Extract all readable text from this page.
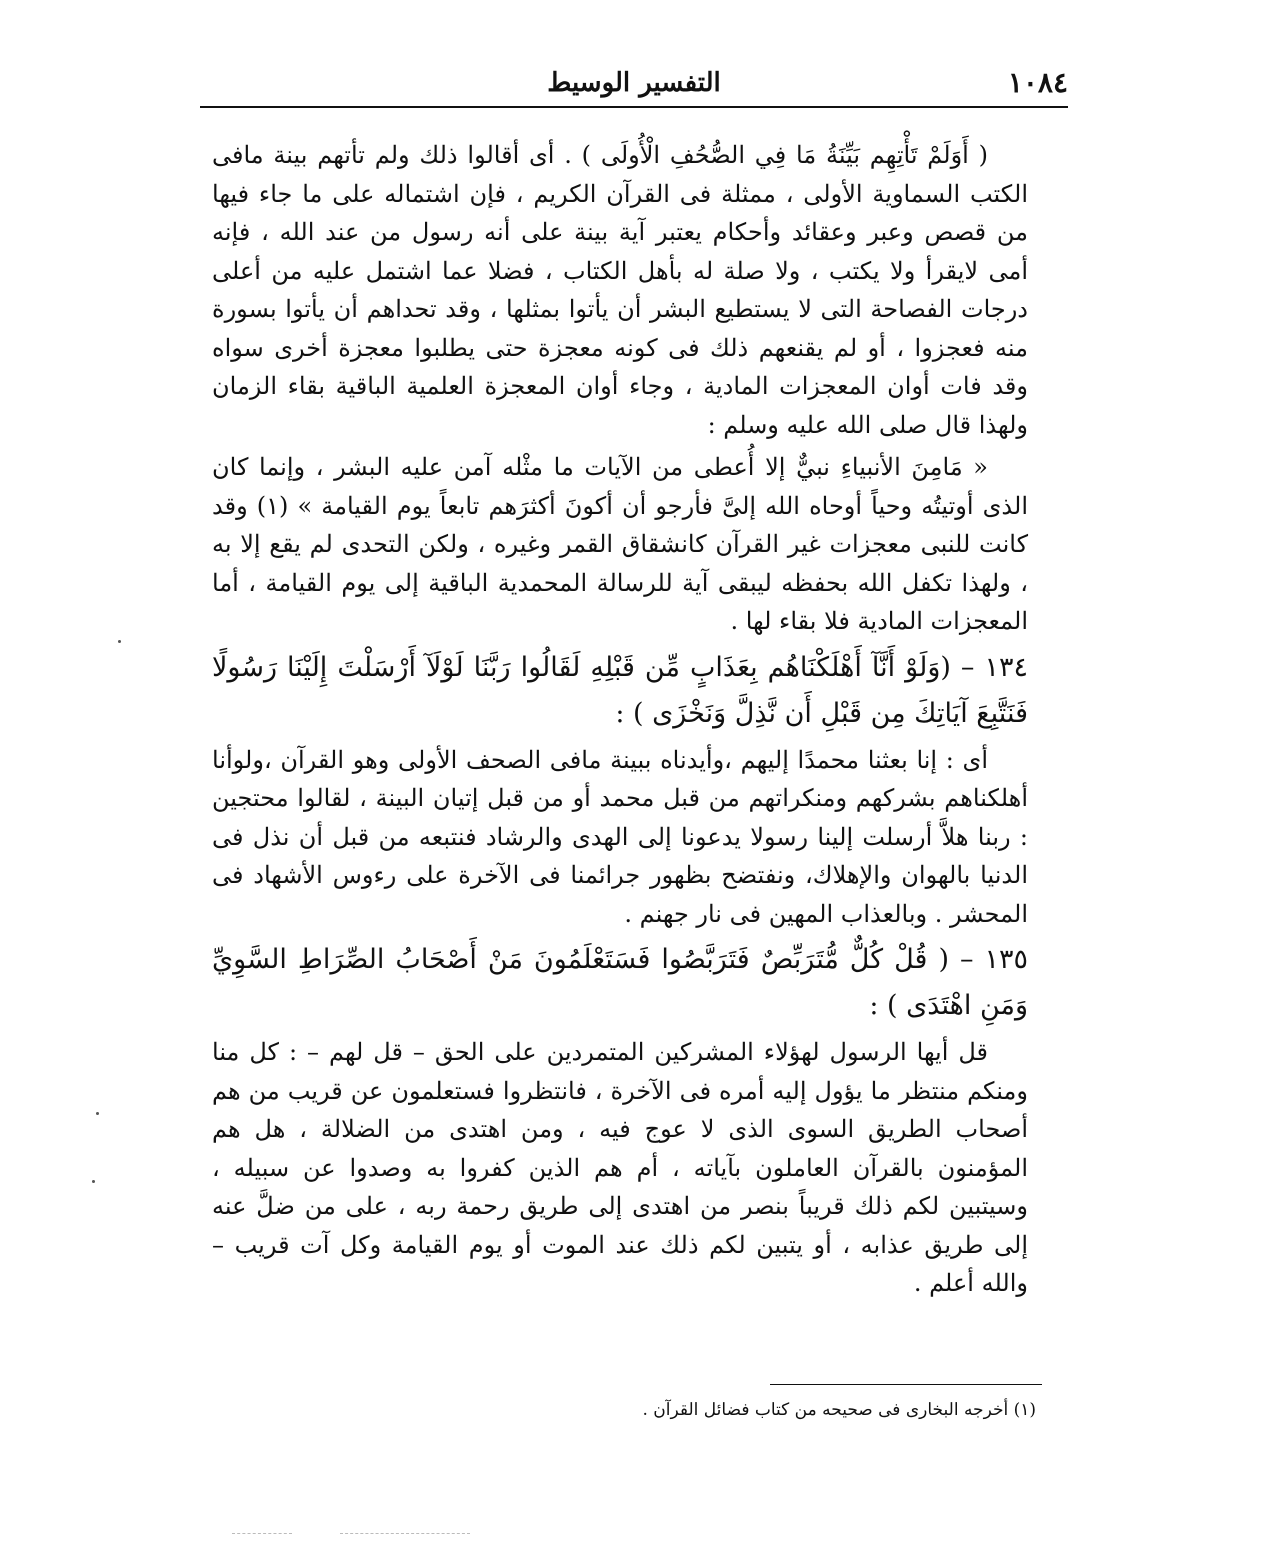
١٠٨٤
التفسير الوسيط

( أَوَلَمْ تَأْتِهِم بَيِّنَةُ مَا فِي الصُّحُفِ الْأُولَى ) . أى أقالوا ذلك ولم تأتهم بينة مافى الكتب السماوية الأولى ، ممثلة فى القرآن الكريم ، فإن اشتماله على ما جاء فيها من قصص وعبر وعقائد وأحكام يعتبر آية بينة على أنه رسول من عند الله ، فإنه أمى لايقرأ ولا يكتب ، ولا صلة له بأهل الكتاب ، فضلا عما اشتمل عليه من أعلى درجات الفصاحة التى لا يستطيع البشر أن يأتوا بمثلها ، وقد تحداهم أن يأتوا بسورة منه فعجزوا ، أو لم يقنعهم ذلك فى كونه معجزة حتى يطلبوا معجزة أخرى سواه وقد فات أوان المعجزات المادية ، وجاء أوان المعجزة العلمية الباقية بقاء الزمان ولهذا قال صلى الله عليه وسلم :

« مَامِنَ الأنبياءِ نبيٌّ إلا أُعطى من الآيات ما مثْله آمن عليه البشر ، وإنما كان الذى أوتيتُه وحياً أوحاه الله إلىَّ فأرجو أن أكونَ أكثرَهم تابعاً يوم القيامة » (١) وقد كانت للنبى معجزات غير القرآن كانشقاق القمر وغيره ، ولكن التحدى لم يقع إلا به ، ولهذا تكفل الله بحفظه ليبقى آية للرسالة المحمدية الباقية إلى يوم القيامة ، أما المعجزات المادية فلا بقاء لها .

١٣٤ – (وَلَوْ أَنَّآ أَهْلَكْنَاهُم بِعَذَابٍ مِّن قَبْلِهِ لَقَالُوا رَبَّنَا لَوْلَآ أَرْسَلْتَ إِلَيْنَا رَسُولًا فَنَتَّبِعَ آيَاتِكَ مِن قَبْلِ أَن نَّذِلَّ وَنَخْزَى ) :

أى : إنا بعثنا محمدًا إليهم ،وأيدناه ببينة مافى الصحف الأولى وهو القرآن ،ولوأنا أهلكناهم بشركهم ومنكراتهم من قبل محمد أو من قبل إتيان البينة ، لقالوا محتجين : ربنا هلاَّ أرسلت إلينا رسولا يدعونا إلى الهدى والرشاد فنتبعه من قبل أن نذل فى الدنيا بالهوان والإهلاك، ونفتضح بظهور جرائمنا فى الآخرة على رءوس الأشهاد فى المحشر . وبالعذاب المهين فى نار جهنم .

١٣٥ – ( قُلْ كُلٌّ مُّتَرَبِّصٌ فَتَرَبَّصُوا فَسَتَعْلَمُونَ مَنْ أَصْحَابُ الصِّرَاطِ السَّوِيِّ وَمَنِ اهْتَدَى ) :

قل أيها الرسول لهؤلاء المشركين المتمردين على الحق – قل لهم – : كل منا ومنكم منتظر ما يؤول إليه أمره فى الآخرة ، فانتظروا فستعلمون عن قريب من هم أصحاب الطريق السوى الذى لا عوج فيه ، ومن اهتدى من الضلالة ، هل هم المؤمنون بالقرآن العاملون بآياته ، أم هم الذين كفروا به وصدوا عن سبيله ، وسيتبين لكم ذلك قريباً بنصر من اهتدى إلى طريق رحمة ربه ، على من ضلَّ عنه إلى طريق عذابه ، أو يتبين لكم ذلك عند الموت أو يوم القيامة وكل آت قريب – والله أعلم .

(١) أخرجه البخارى فى صحيحه من كتاب فضائل القرآن .
